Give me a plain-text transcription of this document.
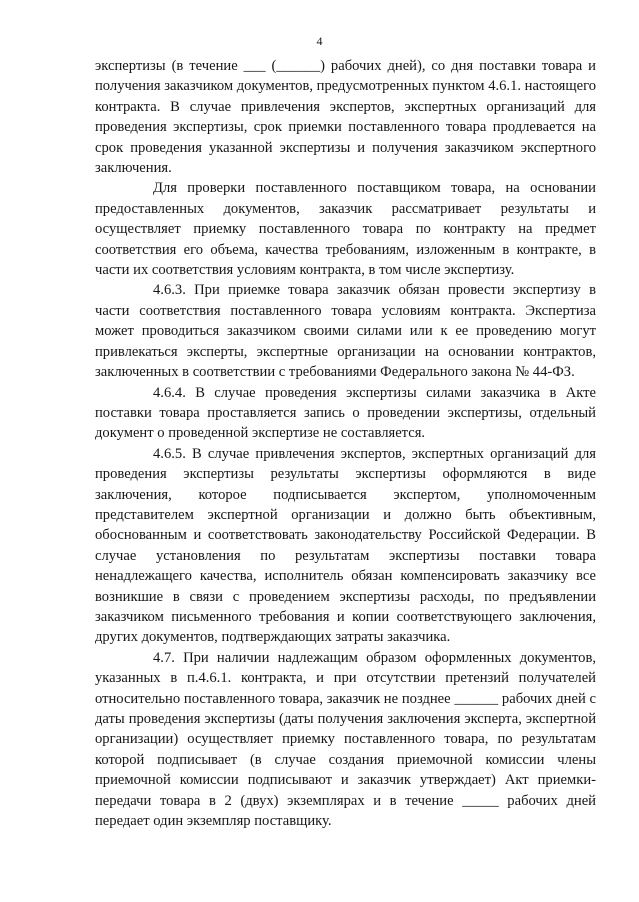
4

экспертизы (в течение ___ (______) рабочих дней), со дня поставки товара и получения заказчиком документов, предусмотренных пунктом 4.6.1. настоящего контракта. В случае привлечения экспертов, экспертных организаций для проведения экспертизы, срок приемки поставленного товара продлевается на срок проведения указанной экспертизы и получения заказчиком экспертного заключения.

Для проверки поставленного поставщиком товара, на основании предоставленных документов, заказчик рассматривает результаты и осуществляет приемку поставленного товара по контракту на предмет соответствия его объема, качества требованиям, изложенным в контракте, в части их соответствия условиям контракта, в том числе экспертизу.

4.6.3. При приемке товара заказчик обязан провести экспертизу в части соответствия поставленного товара условиям контракта. Экспертиза может проводиться заказчиком своими силами или к ее проведению могут привлекаться эксперты, экспертные организации на основании контрактов, заключенных в соответствии с требованиями Федерального закона № 44-ФЗ.

4.6.4. В случае проведения экспертизы силами заказчика в Акте поставки товара проставляется запись о проведении экспертизы, отдельный документ о проведенной экспертизе не составляется.

4.6.5. В случае привлечения экспертов, экспертных организаций для проведения экспертизы результаты экспертизы оформляются в виде заключения, которое подписывается экспертом, уполномоченным представителем экспертной организации и должно быть объективным, обоснованным и соответствовать законодательству Российской Федерации. В случае установления по результатам экспертизы поставки товара ненадлежащего качества, исполнитель обязан компенсировать заказчику все возникшие в связи с проведением экспертизы расходы, по предъявлении заказчиком письменного требования и копии соответствующего заключения, других документов, подтверждающих затраты заказчика.

4.7. При наличии надлежащим образом оформленных документов, указанных в п.4.6.1. контракта, и при отсутствии претензий получателей относительно поставленного товара, заказчик не позднее ______ рабочих дней с даты проведения экспертизы (даты получения заключения эксперта, экспертной организации) осуществляет приемку поставленного товара, по результатам которой подписывает (в случае создания приемочной комиссии члены приемочной комиссии подписывают и заказчик утверждает) Акт приемки-передачи товара в 2 (двух) экземплярах и в течение _____ рабочих дней передает один экземпляр поставщику.
